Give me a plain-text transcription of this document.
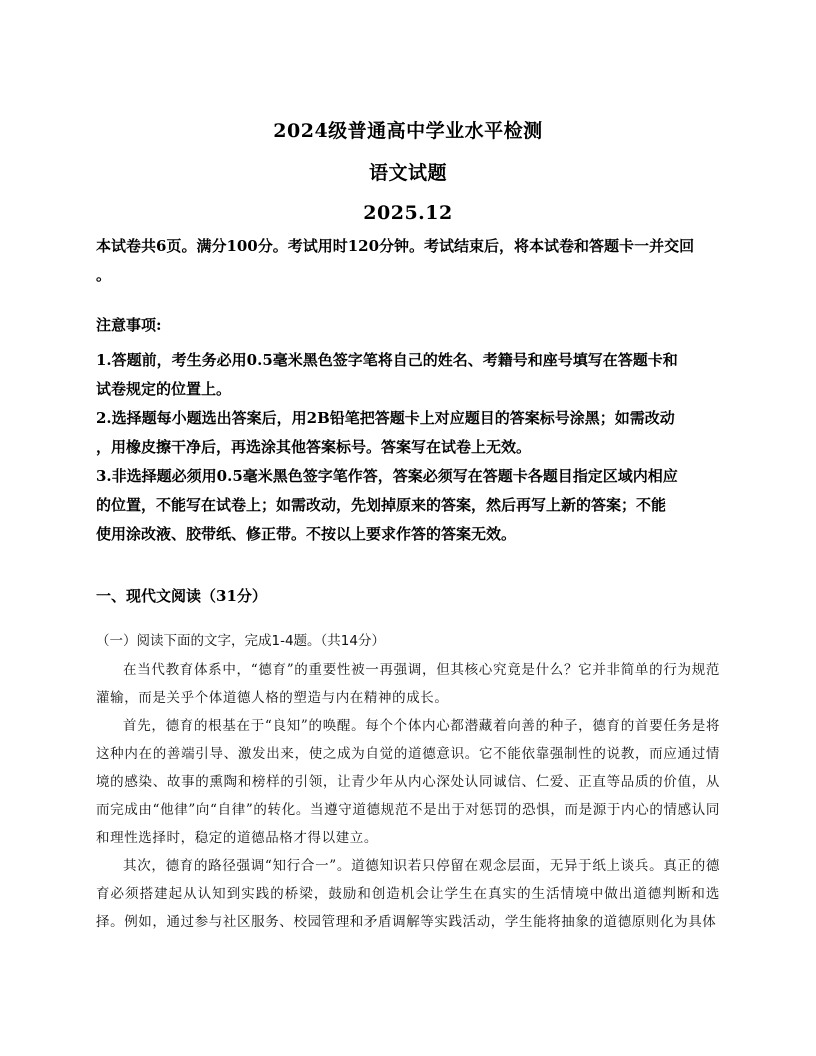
2024级普通高中学业水平检测
语文试题
2025.12
本试卷共6页。满分100分。考试用时120分钟。考试结束后，将本试卷和答题卡一并交回
。
注意事项:
1.答题前，考生务必用0.5毫米黑色签字笔将自己的姓名、考籍号和座号填写在答题卡和
试卷规定的位置上。
2.选择题每小题选出答案后，用2B铅笔把答题卡上对应题目的答案标号涂黑；如需改动
，用橡皮擦干净后，再选涂其他答案标号。答案写在试卷上无效。
3.非选择题必须用0.5毫米黑色签字笔作答，答案必须写在答题卡各题目指定区域内相应
的位置，不能写在试卷上；如需改动，先划掉原来的答案，然后再写上新的答案；不能
使用涂改液、胶带纸、修正带。不按以上要求作答的答案无效。
一、现代文阅读（31分）
（一）阅读下面的文字，完成1-4题。（共14分）
在当代教育体系中，“德育”的重要性被一再强调，但其核心究竟是什么？它并非简单的行为规范灌输，而是关乎个体道德人格的塑造与内在精神的成长。
首先，德育的根基在于“良知”的唤醒。每个个体内心都潜藏着向善的种子，德育的首要任务是将这种内在的善端引导、激发出来，使之成为自觉的道德意识。它不能依靠强制性的说教，而应通过情境的感染、故事的熏陶和榜样的引领，让青少年从内心深处认同诚信、仁爱、正直等品质的价值，从而完成由“他律”向“自律”的转化。当遵守道德规范不是出于对惩罚的恐惧，而是源于内心的情感认同和理性选择时，稳定的道德品格才得以建立。
其次，德育的路径强调“知行合一”。道德知识若只停留在观念层面，无异于纸上谈兵。真正的德育必须搭建起从认知到实践的桥梁，鼓励和创造机会让学生在真实的生活情境中做出道德判断和选择。例如，通过参与社区服务、校园管理和矛盾调解等实践活动，学生能将抽象的道德原则化为具体
